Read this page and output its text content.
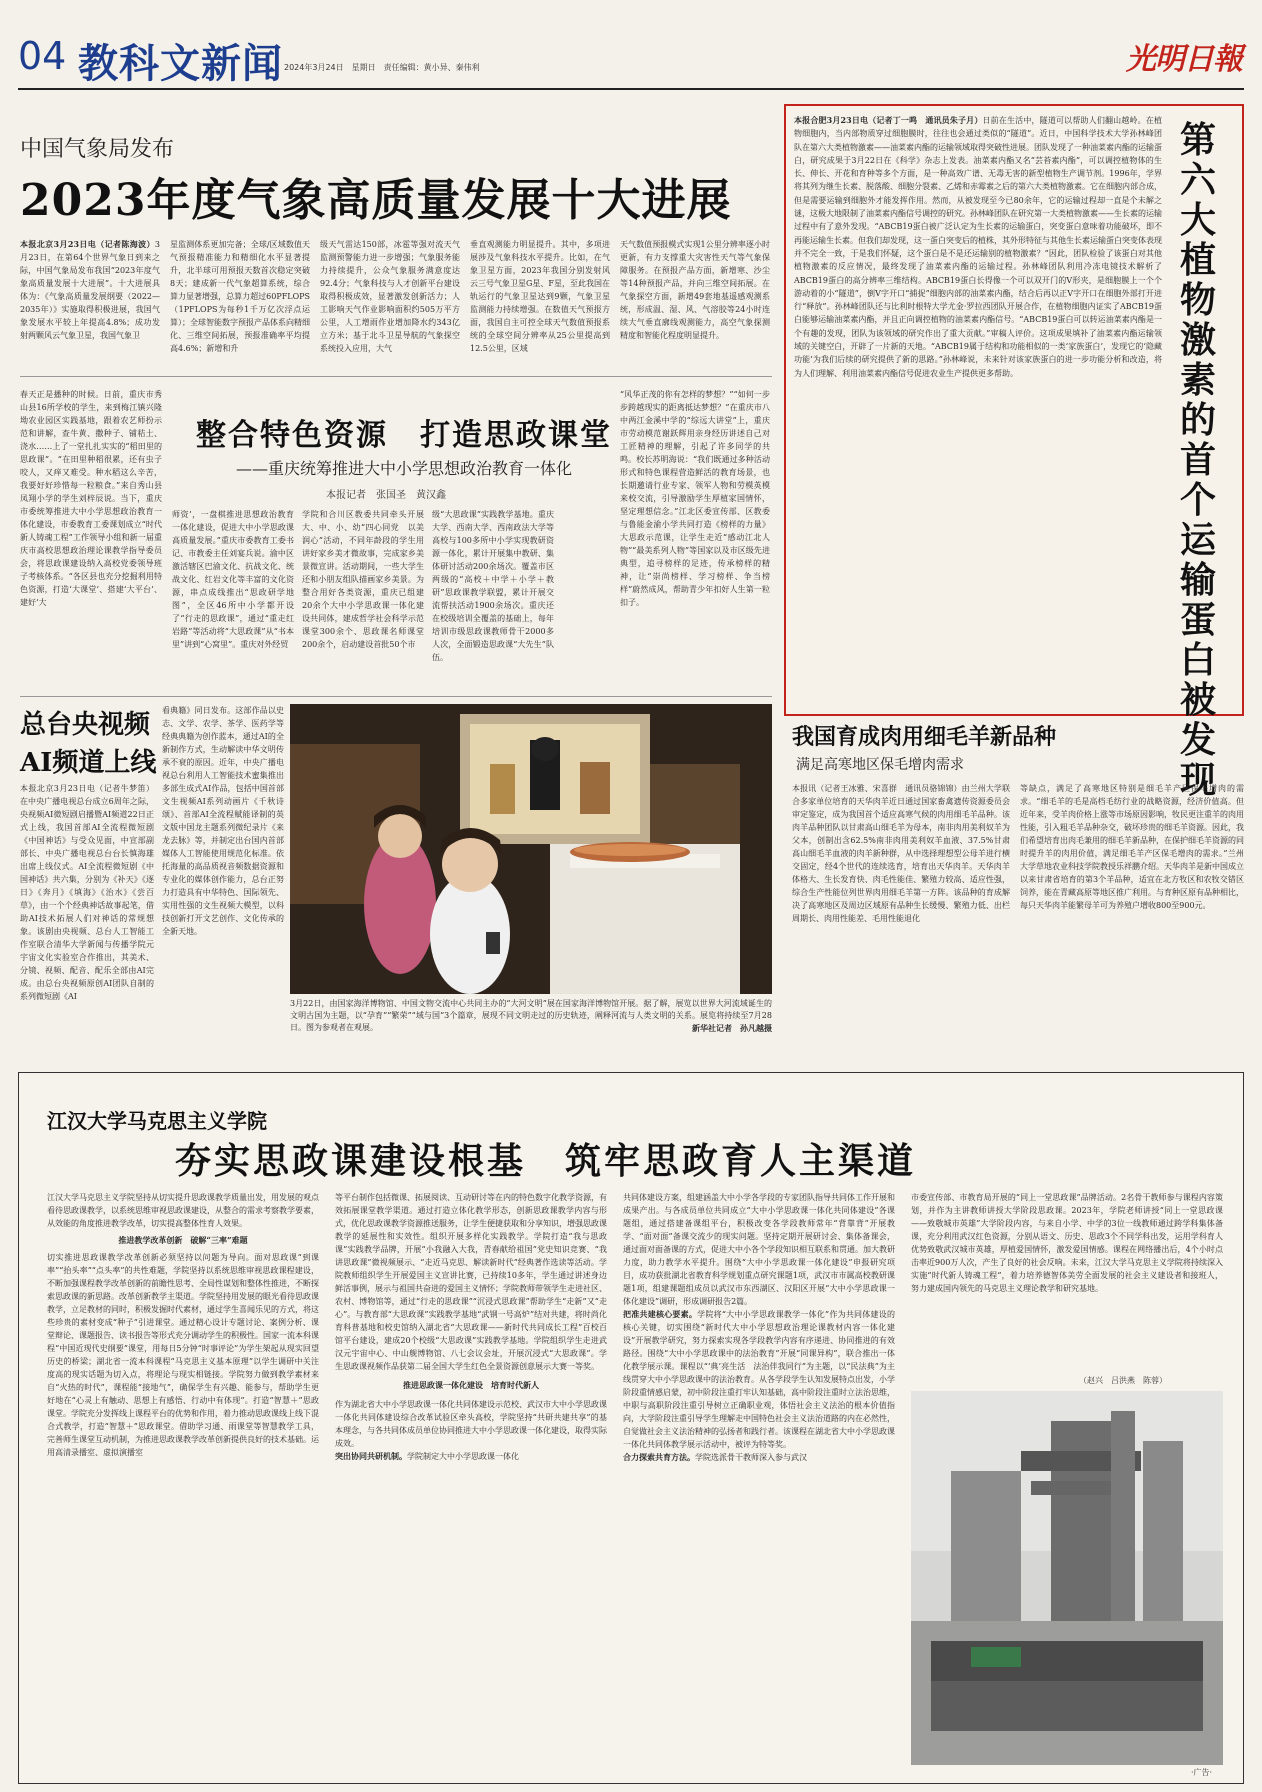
04 教科文新闻 2024年3月24日　星期日　责任编辑：黄小异、秦伟利	光明日報
中国气象局发布
2023年度气象高质量发展十大进展
本报北京3月23日电（记者陈海波）3月23日，在第64个世界气象日到来之际，中国气象局发布我国“2023年度气象高质量发展十大进展”。十大进展具体为：《气象高质量发展纲要（2022—2035年）》实施取得积极进展，我国气象发展水平较上年提高4.8%；成功发射两颗风云气象卫星，我国气象卫
星监测体系更加完备；全球/区域数值天气预报精准能力和精细化水平显著提升，北半球可用预报天数首次稳定突破8天；建成新一代气象超算系统，综合算力显著增强，总算力超过60PFLOPS（1PFLOPS为每秒1千万亿次浮点运算）；全球智能数字预报产品体系向精细化、三维空间拓展，预报准确率平均提高4.6%；新增和升
级天气雷达150部，冰雹等强对流天气监测预警能力进一步增强；气象服务能力持续提升，公众气象服务满意度达92.4分；气象科技与人才创新平台建设取得积极成效，显著激发创新活力；人工影响天气作业影响面积约505万平方公里，人工增雨作业增加降水约343亿立方米；基于北斗卫星导航的气象探空系统投入应用，大气
垂直观测能力明显提升。其中，多项进展涉及气象科技水平提升。比如，在气象卫星方面，2023年我国分别发射风云三号气象卫星G星、F星，至此我国在轨运行的气象卫星达到9颗，气象卫星监测能力持续增强。在数值天气预报方面，我国自主可控全球天气数值预报系统的全球空间分辨率从25公里提高到12.5公里，区域
天气数值预报模式实现1公里分辨率逐小时更新，有力支撑重大灾害性天气等气象保障服务。在预报产品方面，新增寒、沙尘等14种预报产品，并向三维空间拓展。在气象探空方面，新增49套地基遥感观测系统，形成温、湿、风、气溶胶等24小时连续大气垂直廓线观测能力，高空气象探测精度和智能化程度明显提升。
本报合肥3月23日电（记者丁一鸣　通讯员朱子月）日前在生活中，隧道可以帮助人们翻山越岭。在植物细胞内，当内部物质穿过细胞膜时，往往也会通过类似的“隧道”。近日，中国科学技术大学孙林峰团队在第六大类植物激素——油菜素内酯的运输领域取得突破性进展。团队发现了一种油菜素内酯的运输蛋白，研究成果于3月22日在《科学》杂志上发表。油菜素内酯又名“芸苔素内酯”，可以调控植物体的生长、伸长、开花和育种等多个方面，是一种高效广谱、无毒无害的新型植物生产调节剂。1996年，学界将其列为继生长素、脱落酸、细胞分裂素、乙烯和赤霉素之后的第六大类植物激素。它在细胞内部合成，但是需要运输到细胞外才能发挥作用。然而，从被发现至今已80余年，它的运输过程却一直是个未解之谜，这极大地限制了油菜素内酯信号调控的研究。孙林峰团队在研究第一大类植物激素——生长素的运输过程中有了意外发现。“ABCB19蛋白被广泛认定为生长素的运输蛋白，突变蛋白意味着功能破坏，即不再能运输生长素。但我们却发现，这一蛋白突变后的植株，其外形特征与其他生长素运输蛋白突变体表现并不完全一致，于是我们怀疑，这个蛋白是不是还运输别的植物激素？”因此，团队检验了该蛋白对其他植物激素的反应情况，最终发现了油菜素内酯的运输过程。孙林峰团队利用冷冻电镜技术解析了ABCB19蛋白的高分辨率三维结构。ABCB19蛋白长得像一个可以双开门的V形夹，是细胞膜上一个个游动着的小“隧道”，倒V字开口“捕捉”细胞内部的油菜素内酯，结合后再以正V字开口在细胞外部打开进行“释放”。孙林峰团队还与比利时根特大学尤金·罗拉西团队开展合作，在植物细胞内证实了ABCB19蛋白能够运输油菜素内酯，并且正向调控植物的油菜素内酯信号。“ABCB19蛋白可以转运油菜素内酯是一个有趣的发现，团队为该领域的研究作出了重大贡献。”审稿人评价。这项成果填补了油菜素内酯运输领域的关键空白，开辟了一片新的天地。“ABCB19属于结构和功能相似的一类‘家族蛋白’，发现它的‘隐藏功能’为我们后续的研究提供了新的思路。”孙林峰说，未来针对该家族蛋白的进一步功能分析和改造，将为人们理解、利用油菜素内酯信号促进农业生产提供更多帮助。
第六大植物激素的首个运输蛋白被发现
春天正是播种的时候。日前，重庆市秀山县16所学校的学生，来到梅江镇兴隆坳农业园区实践基地，跟着农艺师扮示范和讲解，查牛黄、撒种子、铺秸土、浇水……上了一堂扎扎实实的“稻田里的思政课”。“在田里种稻很累，还有虫子咬人，又痒又难受。种水稻这么辛苦，我要好好珍惜每一粒粮食。”来自秀山县凤翔小学的学生刘梓辰说。当下，重庆市委统筹推进大中小学思想政治教育一体化建设，市委教育工委课划成立“时代新人铸魂工程”工作领导小组和新一届重庆市高校思想政治理论课教学指导委员会，将思政课建设纳入高校党委领导班子考核体系。“各区县也充分挖掘利用特色资源，打造‘大课堂’、搭建‘大平台’、建好‘大
整合特色资源　打造思政课堂
——重庆统筹推进大中小学思想政治教育一体化
本报记者　张国圣　黄汉鑫
师资’，一盘棋推进思想政治教育一体化建设，促进大中小学思政课高质量发展。”重庆市委教育工委书记、市教委主任刘宴兵说。渝中区激活辖区巴渝文化、抗战文化、统战文化、红岩文化等丰富的文化资源，串点成线推出“思政研学地图”，全区46所中小学都开设了“行走的思政课”，通过“重走红岩路”等活动将“大思政课”从“书本里”讲到“心窝里”。重庆对外经贸
学院和合川区教委共同牵头开展大、中、小、幼“四心同党　以美润心”活动，不同年龄段的学生用讲好家乡美才微故事，完成家乡美景微宣讲。活动期间，一些大学生还和小朋友组队描画家乡美景。为整合用好各类资源，重庆已组建20余个大中小学思政课一体化建设共同体，建成哲学社会科学示范课堂300余个、思政课名师课堂200余个，启动建设首批50个市
级“大思政课”实践教学基地。重庆大学、西南大学、西南政法大学等高校与100多所中小学实现教研资源一体化，累计开展集中教研、集体研讨活动200余场次。覆盖市区两级的“高校＋中学＋小学＋教研”思政课教学联盟，累计开展交流帮扶活动1900余场次。重庆还在校级培训全覆盖的基础上，每年培训市级思政课教师骨干2000多人次，全面锻造思政课“大先生”队伍。
“风华正茂的你有怎样的梦想？”“如何一步步跨越现实的距离抵达梦想？”在重庆市八中两江金溪中学的“综远大讲堂”上，重庆市劳动模范谢跃辉用亲身经历讲述自己对工匠精神的理解，引起了许多同学的共鸣。校长苏明海说：“我们既通过多种活动形式和特色课程营造鲜活的教育场景，也长期邀请行业专家、领军人物和劳模英模来校交流，引导激励学生厚植家国情怀，坚定理想信念。”江北区委宣传部、区教委与鲁能金渝小学共同打造《榜样的力量》大思政示范课，让学生走近“感动江北人物”“最美系列人物”等国家以及市区级先进典型，追寻榜样的足迹，传承榜样的精神，让“崇尚榜样、学习榜样、争当榜样”蔚然成风，帮助青少年扣好人生第一粒扣子。
总台央视频
AI频道上线
本报北京3月23日电（记者牛梦笛）在中央广播电视总台成立6周年之际，央视频AI微短剧启播暨AI频道22日正式上线，我国首部AI全流程微短剧《中国神话》与受众见面，中宣部副部长、中央广播电视总台台长慎海雄出席上线仪式。AI全流程微短剧《中国神话》共六集，分别为《补天》《逐日》《奔月》《填海》《治水》《尝百草》，由一个个经典神话故事起笔，借助AI技术拓展人们对神话的常规想象。该剧由央视频、总台人工智能工作室联合清华大学新闻与传播学院元宇宙文化实验室合作推出，其美术、分镜、视频、配音、配乐全部由AI完成。由总台央视频原创AI团队自制的系列微短剧《AI
看典籍》同日发布。这部作品以史志、文学、农学、茶学、医药学等经典典籍为创作蓝本，通过AI的全新制作方式，生动解读中华文明传承不衰的原因。近年，中央广播电视总台利用人工智能技术蜜集推出多部生成式AI作品，包括中国首部文生视频AI系列动画片《千秋诗颂》、首部AI全流程赋能译制的英文版中国龙主题系列微纪录片《来龙去脉》等，并制定出台国内首部媒体人工智能使用规范化标准。依托海量的高品质视音频数据资源和专业化的媒体创作能力，总台正努力打造具有中华特色、国际领先、实用性强的文生视频大模型，以科技创新打开文艺创作、文化传承的全新天地。
3月22日，由国家海洋博物馆、中国文物交流中心共同主办的“大河文明”展在国家海洋博物馆开展。据了解，展览以世界大河流域诞生的文明古国为主题，以“孕育”“繁荣”“域与国”3个篇章，展现不同文明走过的历史轨迹，阐释河流与人类文明的关系。展览将持续至7月28日。图为参观者在观展。	新华社记者　孙凡越摄
我国育成肉用细毛羊新品种
满足高寒地区保毛增肉需求
本报讯（记者王冰雅、宋喜群　通讯员骆锦锦）由兰州大学联合多家单位培育的天华肉羊近日通过国家畜禽遗传资源委员会审定鉴定，成为我国首个适应高寒气候的肉用细毛羊品种。该肉羊品种团队以甘肃高山细毛羊为母本，南非肉用美利奴羊为父本，创制出含62.5%南非肉用美利奴羊血液、37.5%甘肃高山细毛羊血液的肉羊新种群，从中选择理想型公母羊进行横交固定，经4个世代的连续选育，培育出天华肉羊。天华肉羊体格大、生长发育快、肉毛性能佳、繁殖力较高、适应性强，综合生产性能位列世界肉用细毛羊第一方阵。该品种的育成解决了高寒地区及周边区域原有品种生长缓慢、繁殖力低、出栏周期长、肉用性能差、毛用性能退化
等缺点，满足了高寒地区特别是细毛羊产区保毛增肉的需求。“细毛羊的毛是高档毛纺行业的战略资源，经济价值高。但近年来，受羊肉价格上涨等市场原因影响，牧民更注重羊的肉用性能，引入粗毛羊品种杂交，破坏珍贵的细毛羊资源。因此，我们希望培育出肉毛兼用的细毛羊新品种，在保护细毛羊资源的同时提升羊的肉用价值，满足细毛羊产区保毛增肉的需求。”兰州大学草地农业科技学院教授乐祥鹏介绍。天华肉羊是新中国成立以来甘肃省培育的第3个羊品种，适宜在北方牧区和农牧交错区饲养，能在青藏高原等地区推广利用。与育种区原有品种相比，每只天华肉羊能繁母羊可为养殖户增收800至900元。
江汉大学马克思主义学院
夯实思政课建设根基　筑牢思政育人主渠道
江汉大学马克思主义学院坚持从切实提升思政课教学质量出发，用发展的观点看待思政课教学，以系统思维审视思政课建设，从整合的需求考察教学要素，从效能的角度推进教学改革，切实提高整体性育人效果。
推进教学改革创新　破解“三率”难题
切实推进思政课教学改革创新必须坚持以问题为导向。面对思政课“到课率”“抬头率”“点头率”的共性难题，学院坚持以系统思维审视思政课程建设，不断加强课程教学改革创新的前瞻性思考、全局性谋划和整体性推进，不断探索思政课的新思路。改革创新教学主渠道。学院坚持用发展的眼光看待思政课教学，立足教材的同时，积极发掘时代素材，通过学生喜闻乐见的方式，将这些珍贵的素材变成“种子”引进课堂。通过精心设计专题讨论、案例分析、课堂辩论、课题报告、读书报告等形式充分调动学生的积极性。国家一流本科课程“中国近现代史纲要”课堂，用每日5分钟“时事评论”为学生架起从现实回望历史的桥梁；湖北省一流本科课程“马克思主义基本原理”以学生调研中关注度高的现实话题为切入点，将理论与现实相链接。学院努力做到教学素材来自“火热的时代”，课程能“接地气”，确保学生有兴趣、能参与，帮助学生更好地在“心灵上有触动、思想上有感悟、行动中有体现”。打造“智慧＋”思政课堂。学院充分发挥线上课程平台的优势和作用，着力推动思政课线上线下混合式教学，打造“智慧＋”思政课堂。借助学习通、雨课堂等智慧教学工具，完善师生课堂互动机制，为推进思政课教学改革创新提供良好的技术基础。运用高清录播室、虚拟演播室
等平台制作包括微课、拓展阅读、互动研讨等在内的特色数字化教学资源，有效拓展课堂教学渠道。通过打造立体化教学形态，创新思政课教学内容与形式，优化思政课教学资源推送服务，让学生便捷获取和分享知识，增强思政课教学的延展性和实效性。组织开展多样化实践教学。学院打造“我与思政课”实践教学品牌，开展“小我融入大我，青春献给祖国”党史知识竞赛、“我讲思政课”微视频展示、“走近马克思、解读新时代”经典著作选读等活动。学院教师组织学生开展爱国主义宣讲比赛，已持续10多年，学生通过讲述身边鲜活事例，展示与祖国共奋进的爱国主义情怀；学院教师带领学生走进社区、农村、博物馆等，通过“行走的思政课”“沉浸式思政课”帮助学生“走新”又“走心”。与教育部“大思政课”实践教学基地“武钢一号高炉”结对共建，将时尚化育科普基地和校史馆纳入湖北省“大思政课——新时代共同成长工程”百校百馆平台建设，建成20个校级“大思政课”实践教学基地。学院组织学生走进武汉元宇宙中心、中山舰博物馆、八七会议会址，开展沉浸式“大思政课”。学生思政课视频作品获第二届全国大学生红色全景资源创意展示大赛一等奖。
推进思政课一体化建设　培育时代新人
作为湖北省大中小学思政课一体化共同体建设示范校、武汉市大中小学思政课一体化共同体建设综合改革试验区牵头高校，学院坚持“共研共建共享”的基本理念，与各共同体成员单位协同推进大中小学思政课一体化建设，取得实际成效。
突出协同共研机制。学院制定大中小学思政课一体化
共同体建设方案，组建涵盖大中小学各学段的专家团队指导共同体工作开展和成果产出。与各成员单位共同成立“大中小学思政课一体化共同体建设”各课题组，通过搭建备课组平台，积极改变各学段教师常年“背靠背”开展教学、“面对面”备课交流少的现实问题。坚持定期开展研讨会、集体备课会，通过面对面备课的方式，促进大中小各个学段知识相互联系和贯通。加大教研力度，助力教学水平提升。围绕“大中小学思政课一体化建设”申报研究项目，成功获批湖北省教育科学规划重点研究课题1项，武汉市市属高校教研课题1项，组建课题组成员以武汉市东西湖区、汉阳区开展“大中小学思政课一体化建设”调研，形成调研报告2篇。
把准共建核心要素。学院将“大中小学思政课教学一体化”作为共同体建设的核心关键，切实围绕“新时代大中小学思想政治理论课教材内容一体化建设”开展教学研究，努力探索实现各学段教学内容有序递进、协同推进的有效路径。围绕“大中小学思政课中的法治教育”开展“同课异构”，联合推出一体化教学展示课。课程以“‘典’亮生活　法治伴我同行”为主题，以“民法典”为主线贯穿大中小学思政课中的法治教育。从各学段学生认知发展特点出发，小学阶段重情感启蒙，初中阶段注重打牢认知基础，高中阶段注重时立法治思维，中职与高职阶段注重引导树立正确职业观，体悟社会主义法治的根本价值指向，大学阶段注重引导学生理解走中国特色社会主义法治道路的内在必然性，自觉做社会主义法治精神的弘扬者和践行者。该课程在湖北省大中小学思政课一体化共同体教学展示活动中，被评为特等奖。
合力探索共育方法。学院选派骨干教师深入参与武汉
市委宣传部、市教育局开展的“同上一堂思政课”品牌活动。2名骨干教师参与课程内容策划，并作为主讲教师讲授大学阶段思政课。2023年，学院老师讲授“同上一堂思政课——致敬城市英雄”大学阶段内容，与来自小学、中学的3位一线教师通过跨学科集体备课，充分利用武汉红色资源，分别从语文、历史、思政3个不同学科出发，运用学科育人优势致敬武汉城市英雄，厚植爱国情怀，激发爱国情感。课程在网络播出后，4个小时点击率近900万人次，产生了良好的社会反响。未来，江汉大学马克思主义学院将持续深入实施“时代新人铸魂工程”，着力培养德智体美劳全面发展的社会主义建设者和接班人，努力建成国内领先的马克思主义理论教学和研究基地。
（赵兴　吕洪燕　陈蓉）
·广告·
